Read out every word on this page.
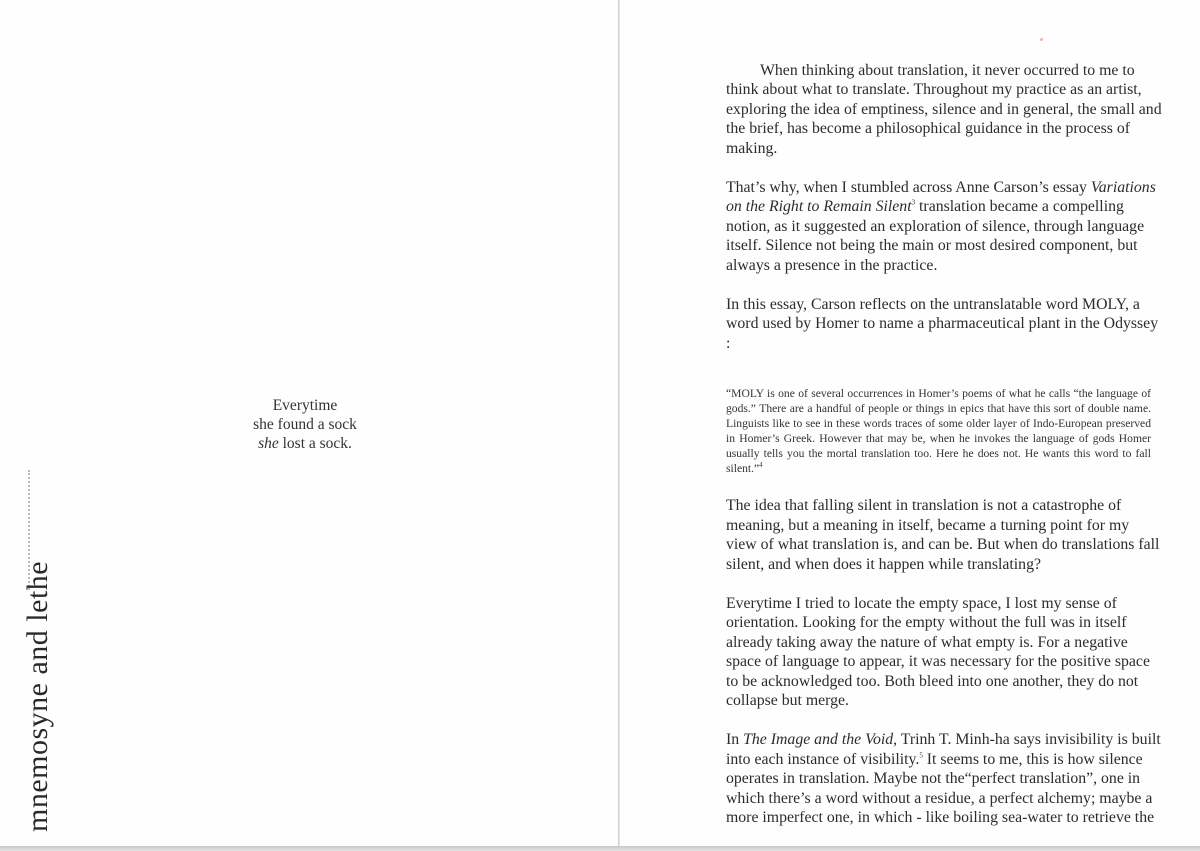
Everytime
she found a sock
she lost a sock.
mnemosyne and lethe

When thinking about translation, it never occurred to me to think about what to translate. Throughout my practice as an artist, exploring the idea of emptiness, silence and in general, the small and the brief, has become a philosophical guidance in the process of making.

That’s why, when I stumbled across Anne Carson’s essay Variations on the Right to Remain Silent$^3$ translation became a compelling notion, as it suggested an exploration of silence, through language itself. Silence not being the main or most desired component, but always a presence in the practice.

In this essay, Carson reflects on the untranslatable word MOLY, a word used by Homer to name a pharmaceutical plant in the Odyssey :

“MOLY is one of several occurrences in Homer’s poems of what he calls “the language of gods.” There are a handful of people or things in epics that have this sort of double name. Linguists like to see in these words traces of some older layer of Indo-European preserved in Homer’s Greek. However that may be, when he invokes the language of gods Homer usually tells you the mortal translation too. Here he does not. He wants this word to fall silent.”$^4$

The idea that falling silent in translation is not a catastrophe of meaning, but a meaning in itself, became a turning point for my view of what translation is, and can be. But when do translations fall silent, and when does it happen while translating?

Everytime I tried to locate the empty space, I lost my sense of orientation. Looking for the empty without the full was in itself already taking away the nature of what empty is. For a negative space of language to appear, it was necessary for the positive space to be acknowledged too. Both bleed into one another, they do not collapse but merge.

In The Image and the Void, Trinh T. Minh-ha says invisibility is built into each instance of visibility.$^5$ It seems to me, this is how silence operates in translation. Maybe not the“perfect translation”, one in which there’s a word without a residue, a perfect alchemy; maybe a more imperfect one, in which - like boiling sea-water to retrieve the
